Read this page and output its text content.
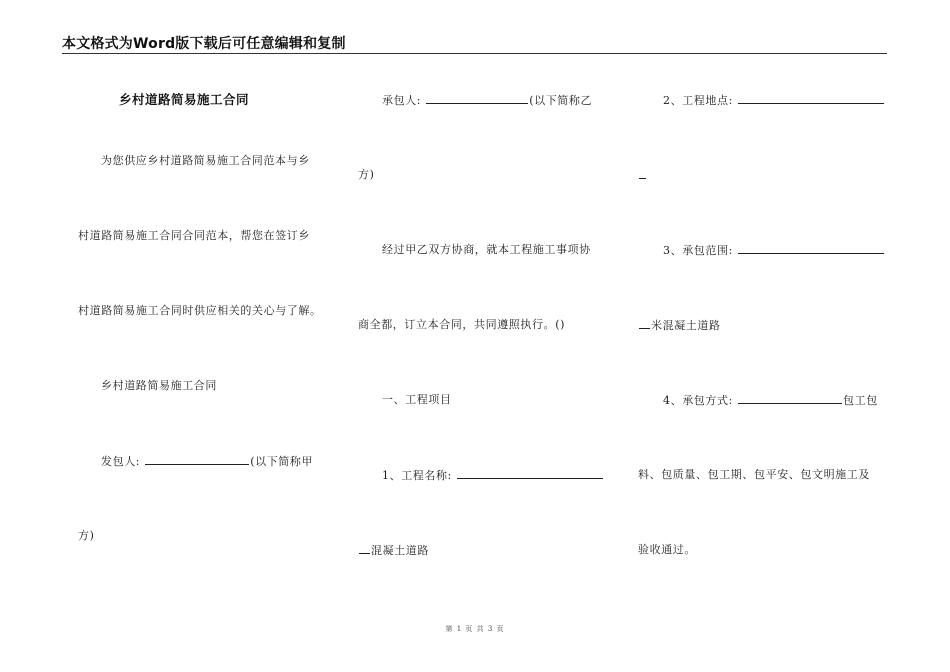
本文格式为Word版下载后可任意编辑和复制
乡村道路简易施工合同
为您供应乡村道路简易施工合同范本与乡
村道路简易施工合同合同范本，帮您在签订乡
村道路简易施工合同时供应相关的关心与了解。
乡村道路简易施工合同
发包人:	(以下简称甲
方)
承包人:	(以下简称乙
方)
经过甲乙双方协商，就本工程施工事项协
商全都，订立本合同，共同遵照执行。()
一、工程项目
1、工程名称:
混凝土道路
2、工程地点:
3、承包范围:
米混凝土道路
4、承包方式:	包工包
料、包质量、包工期、包平安、包文明施工及
验收通过。
第 1 页 共 3 页
